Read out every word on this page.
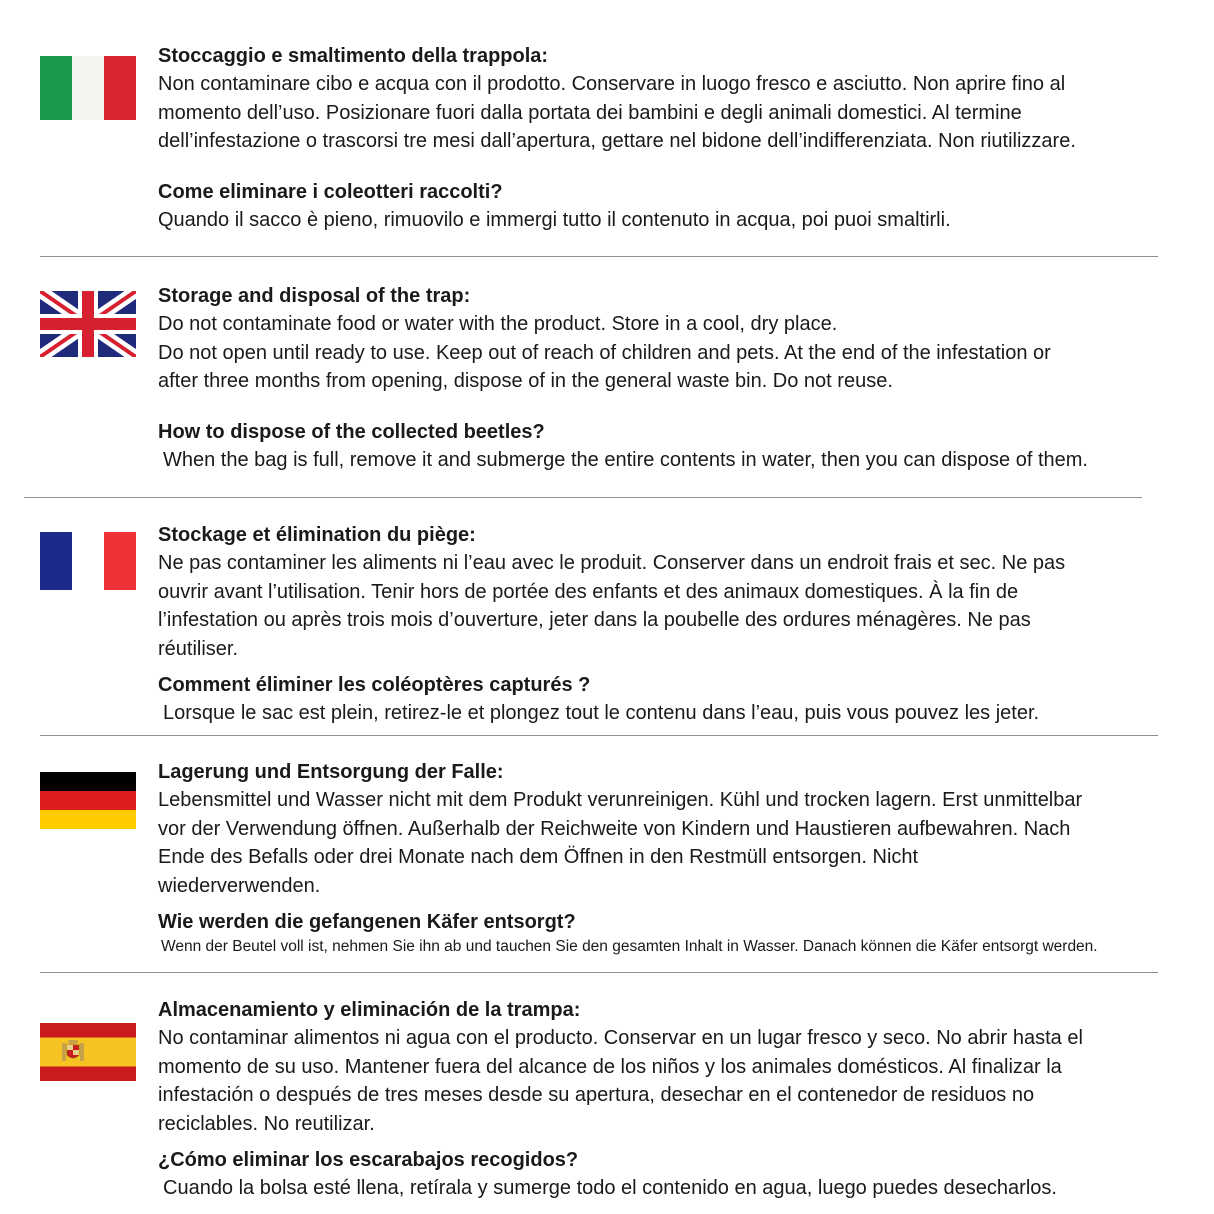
Stoccaggio e smaltimento della trappola:

Non contaminare cibo e acqua con il prodotto. Conservare in luogo fresco e asciutto. Non aprire fino al

momento dell’uso. Posizionare fuori dalla portata dei bambini e degli animali domestici. Al termine

dell’infestazione o trascorsi tre mesi dall’apertura, gettare nel bidone dell’indifferenziata. Non riutilizzare.

Come eliminare i coleotteri raccolti?

Quando il sacco è pieno, rimuovilo e immergi tutto il contenuto in acqua, poi puoi smaltirli.

Storage and disposal of the trap:

Do not contaminate food or water with the product. Store in a cool, dry place.

Do not open until ready to use. Keep out of reach of children and pets. At the end of the infestation or

after three months from opening, dispose of in the general waste bin. Do not reuse.

How to dispose of the collected beetles?

When the bag is full, remove it and submerge the entire contents in water, then you can dispose of them.

Stockage et élimination du piège:

Ne pas contaminer les aliments ni l’eau avec le produit. Conserver dans un endroit frais et sec. Ne pas

ouvrir avant l’utilisation. Tenir hors de portée des enfants et des animaux domestiques. À la fin de

l’infestation ou après trois mois d’ouverture, jeter dans la poubelle des ordures ménagères. Ne pas

réutiliser.

Comment éliminer les coléoptères capturés ?

Lorsque le sac est plein, retirez-le et plongez tout le contenu dans l’eau, puis vous pouvez les jeter.

Lagerung und Entsorgung der Falle:

Lebensmittel und Wasser nicht mit dem Produkt verunreinigen. Kühl und trocken lagern. Erst unmittelbar

vor der Verwendung öffnen. Außerhalb der Reichweite von Kindern und Haustieren aufbewahren. Nach

Ende des Befalls oder drei Monate nach dem Öffnen in den Restmüll entsorgen. Nicht

wiederverwenden.

Wie werden die gefangenen Käfer entsorgt?

Wenn der Beutel voll ist, nehmen Sie ihn ab und tauchen Sie den gesamten Inhalt in Wasser. Danach können die Käfer entsorgt werden.

Almacenamiento y eliminación de la trampa:

No contaminar alimentos ni agua con el producto. Conservar en un lugar fresco y seco. No abrir hasta el

momento de su uso. Mantener fuera del alcance de los niños y los animales domésticos. Al finalizar la

infestación o después de tres meses desde su apertura, desechar en el contenedor de residuos no

reciclables. No reutilizar.

¿Cómo eliminar los escarabajos recogidos?

Cuando la bolsa esté llena, retírala y sumerge todo el contenido en agua, luego puedes desecharlos.
